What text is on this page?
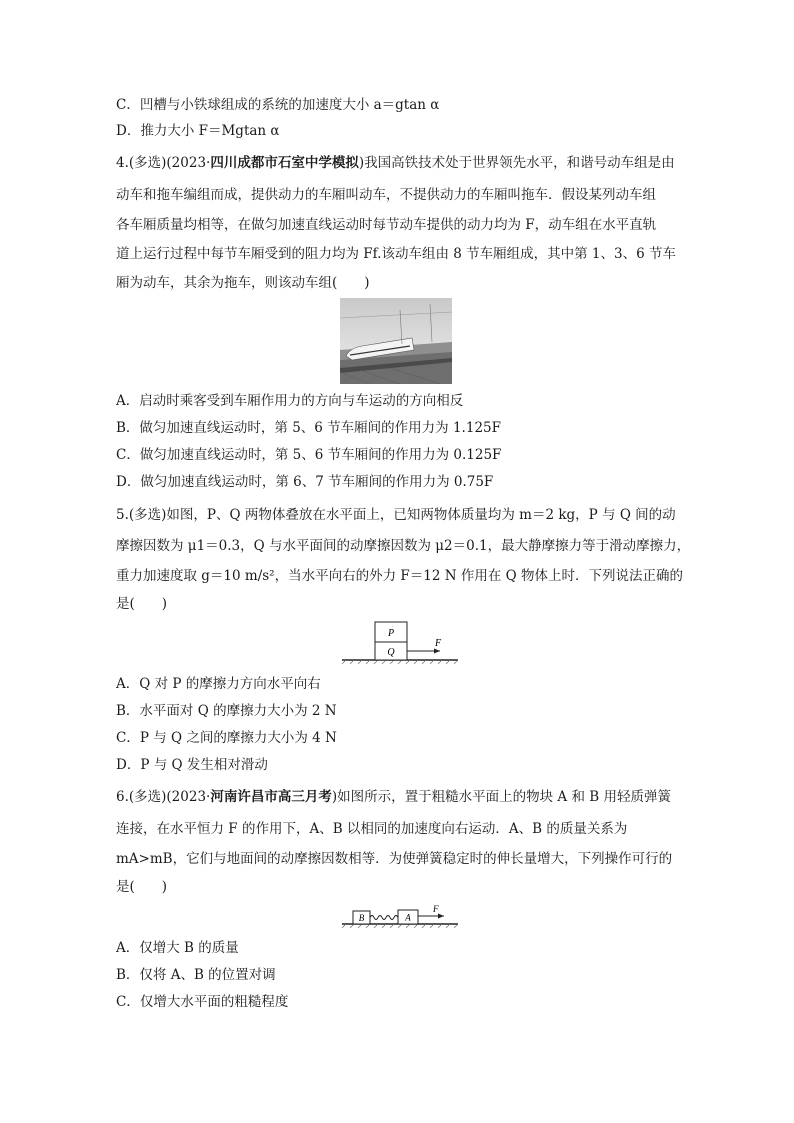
C．凹槽与小铁球组成的系统的加速度大小 a＝gtan α
D．推力大小 F＝Mgtan α
4.(多选)(2023·四川成都市石室中学模拟)我国高铁技术处于世界领先水平，和谐号动车组是由
动车和拖车编组而成，提供动力的车厢叫动车，不提供动力的车厢叫拖车．假设某列动车组
各车厢质量均相等，在做匀加速直线运动时每节动车提供的动力均为 F，动车组在水平直轨
道上运行过程中每节车厢受到的阻力均为 Ff.该动车组由 8 节车厢组成，其中第 1、3、6 节车
厢为动车，其余为拖车，则该动车组(　　)
A．启动时乘客受到车厢作用力的方向与车运动的方向相反
B．做匀加速直线运动时，第 5、6 节车厢间的作用力为 1.125F
C．做匀加速直线运动时，第 5、6 节车厢间的作用力为 0.125F
D．做匀加速直线运动时，第 6、7 节车厢间的作用力为 0.75F
5.(多选)如图，P、Q 两物体叠放在水平面上，已知两物体质量均为 m＝2 kg，P 与 Q 间的动
摩擦因数为 μ1＝0.3，Q 与水平面间的动摩擦因数为 μ2＝0.1，最大静摩擦力等于滑动摩擦力，
重力加速度取 g＝10 m/s²，当水平向右的外力 F＝12 N 作用在 Q 物体上时．下列说法正确的
是(　　)
P
Q
F
A．Q 对 P 的摩擦力方向水平向右
B．水平面对 Q 的摩擦力大小为 2 N
C．P 与 Q 之间的摩擦力大小为 4 N
D．P 与 Q 发生相对滑动
6.(多选)(2023·河南许昌市高三月考)如图所示，置于粗糙水平面上的物块 A 和 B 用轻质弹簧
连接，在水平恒力 F 的作用下，A、B 以相同的加速度向右运动．A、B 的质量关系为
mA>mB，它们与地面间的动摩擦因数相等．为使弹簧稳定时的伸长量增大，下列操作可行的
是(　　)
B	A
F
A．仅增大 B 的质量
B．仅将 A、B 的位置对调
C．仅增大水平面的粗糙程度
